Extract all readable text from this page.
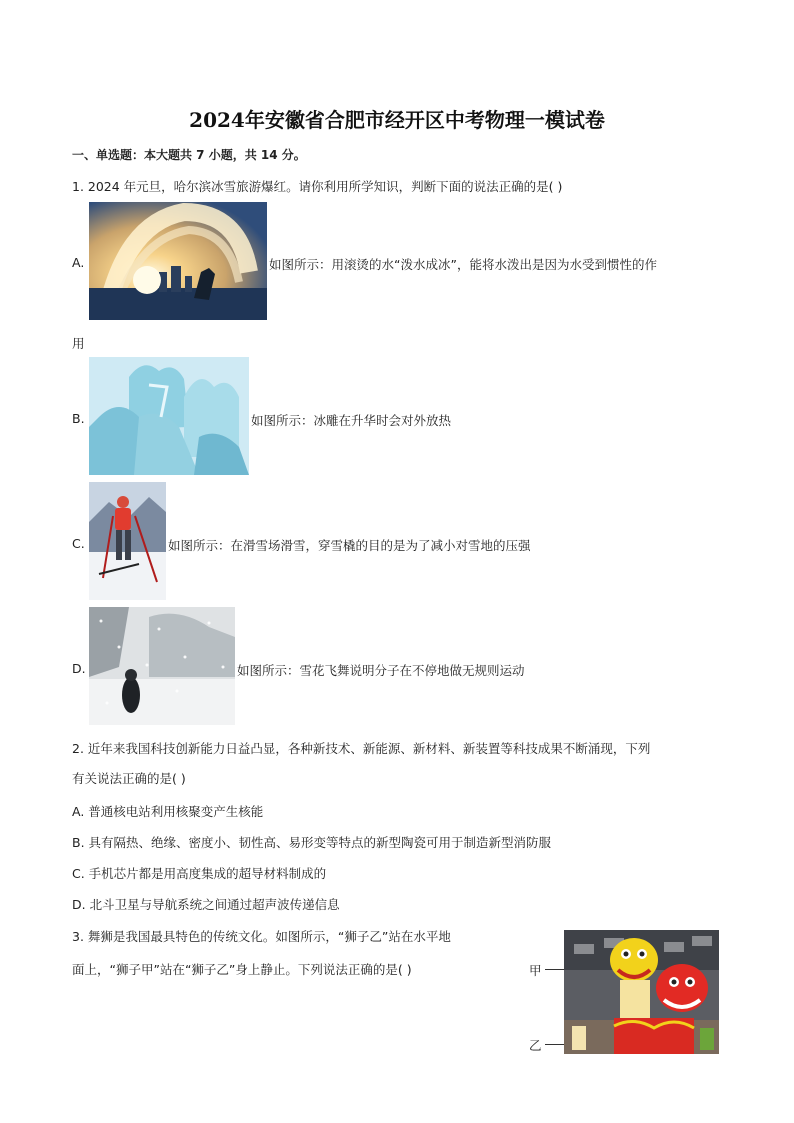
2024年安徽省合肥市经开区中考物理一模试卷
一、单选题：本大题共 7 小题，共 14 分。
1. 2024 年元旦，哈尔滨冰雪旅游爆红。请你利用所学知识，判断下面的说法正确的是( )
A.	如图所示：用滚烫的水“泼水成冰”，能将水泼出是因为水受到惯性的作
用
B.	如图所示：冰雕在升华时会对外放热
C.	如图所示：在滑雪场滑雪，穿雪橇的目的是为了减小对雪地的压强
D.	如图所示：雪花飞舞说明分子在不停地做无规则运动
2. 近年来我国科技创新能力日益凸显，各种新技术、新能源、新材料、新装置等科技成果不断涌现，下列
有关说法正确的是( )
A. 普通核电站利用核聚变产生核能
B. 具有隔热、绝缘、密度小、韧性高、易形变等特点的新型陶瓷可用于制造新型消防服
C. 手机芯片都是用高度集成的超导材料制成的
D. 北斗卫星与导航系统之间通过超声波传递信息
3. 舞狮是我国最具特色的传统文化。如图所示，“狮子乙”站在水平地
面上，“狮子甲”站在“狮子乙”身上静止。下列说法正确的是( )	甲
乙
